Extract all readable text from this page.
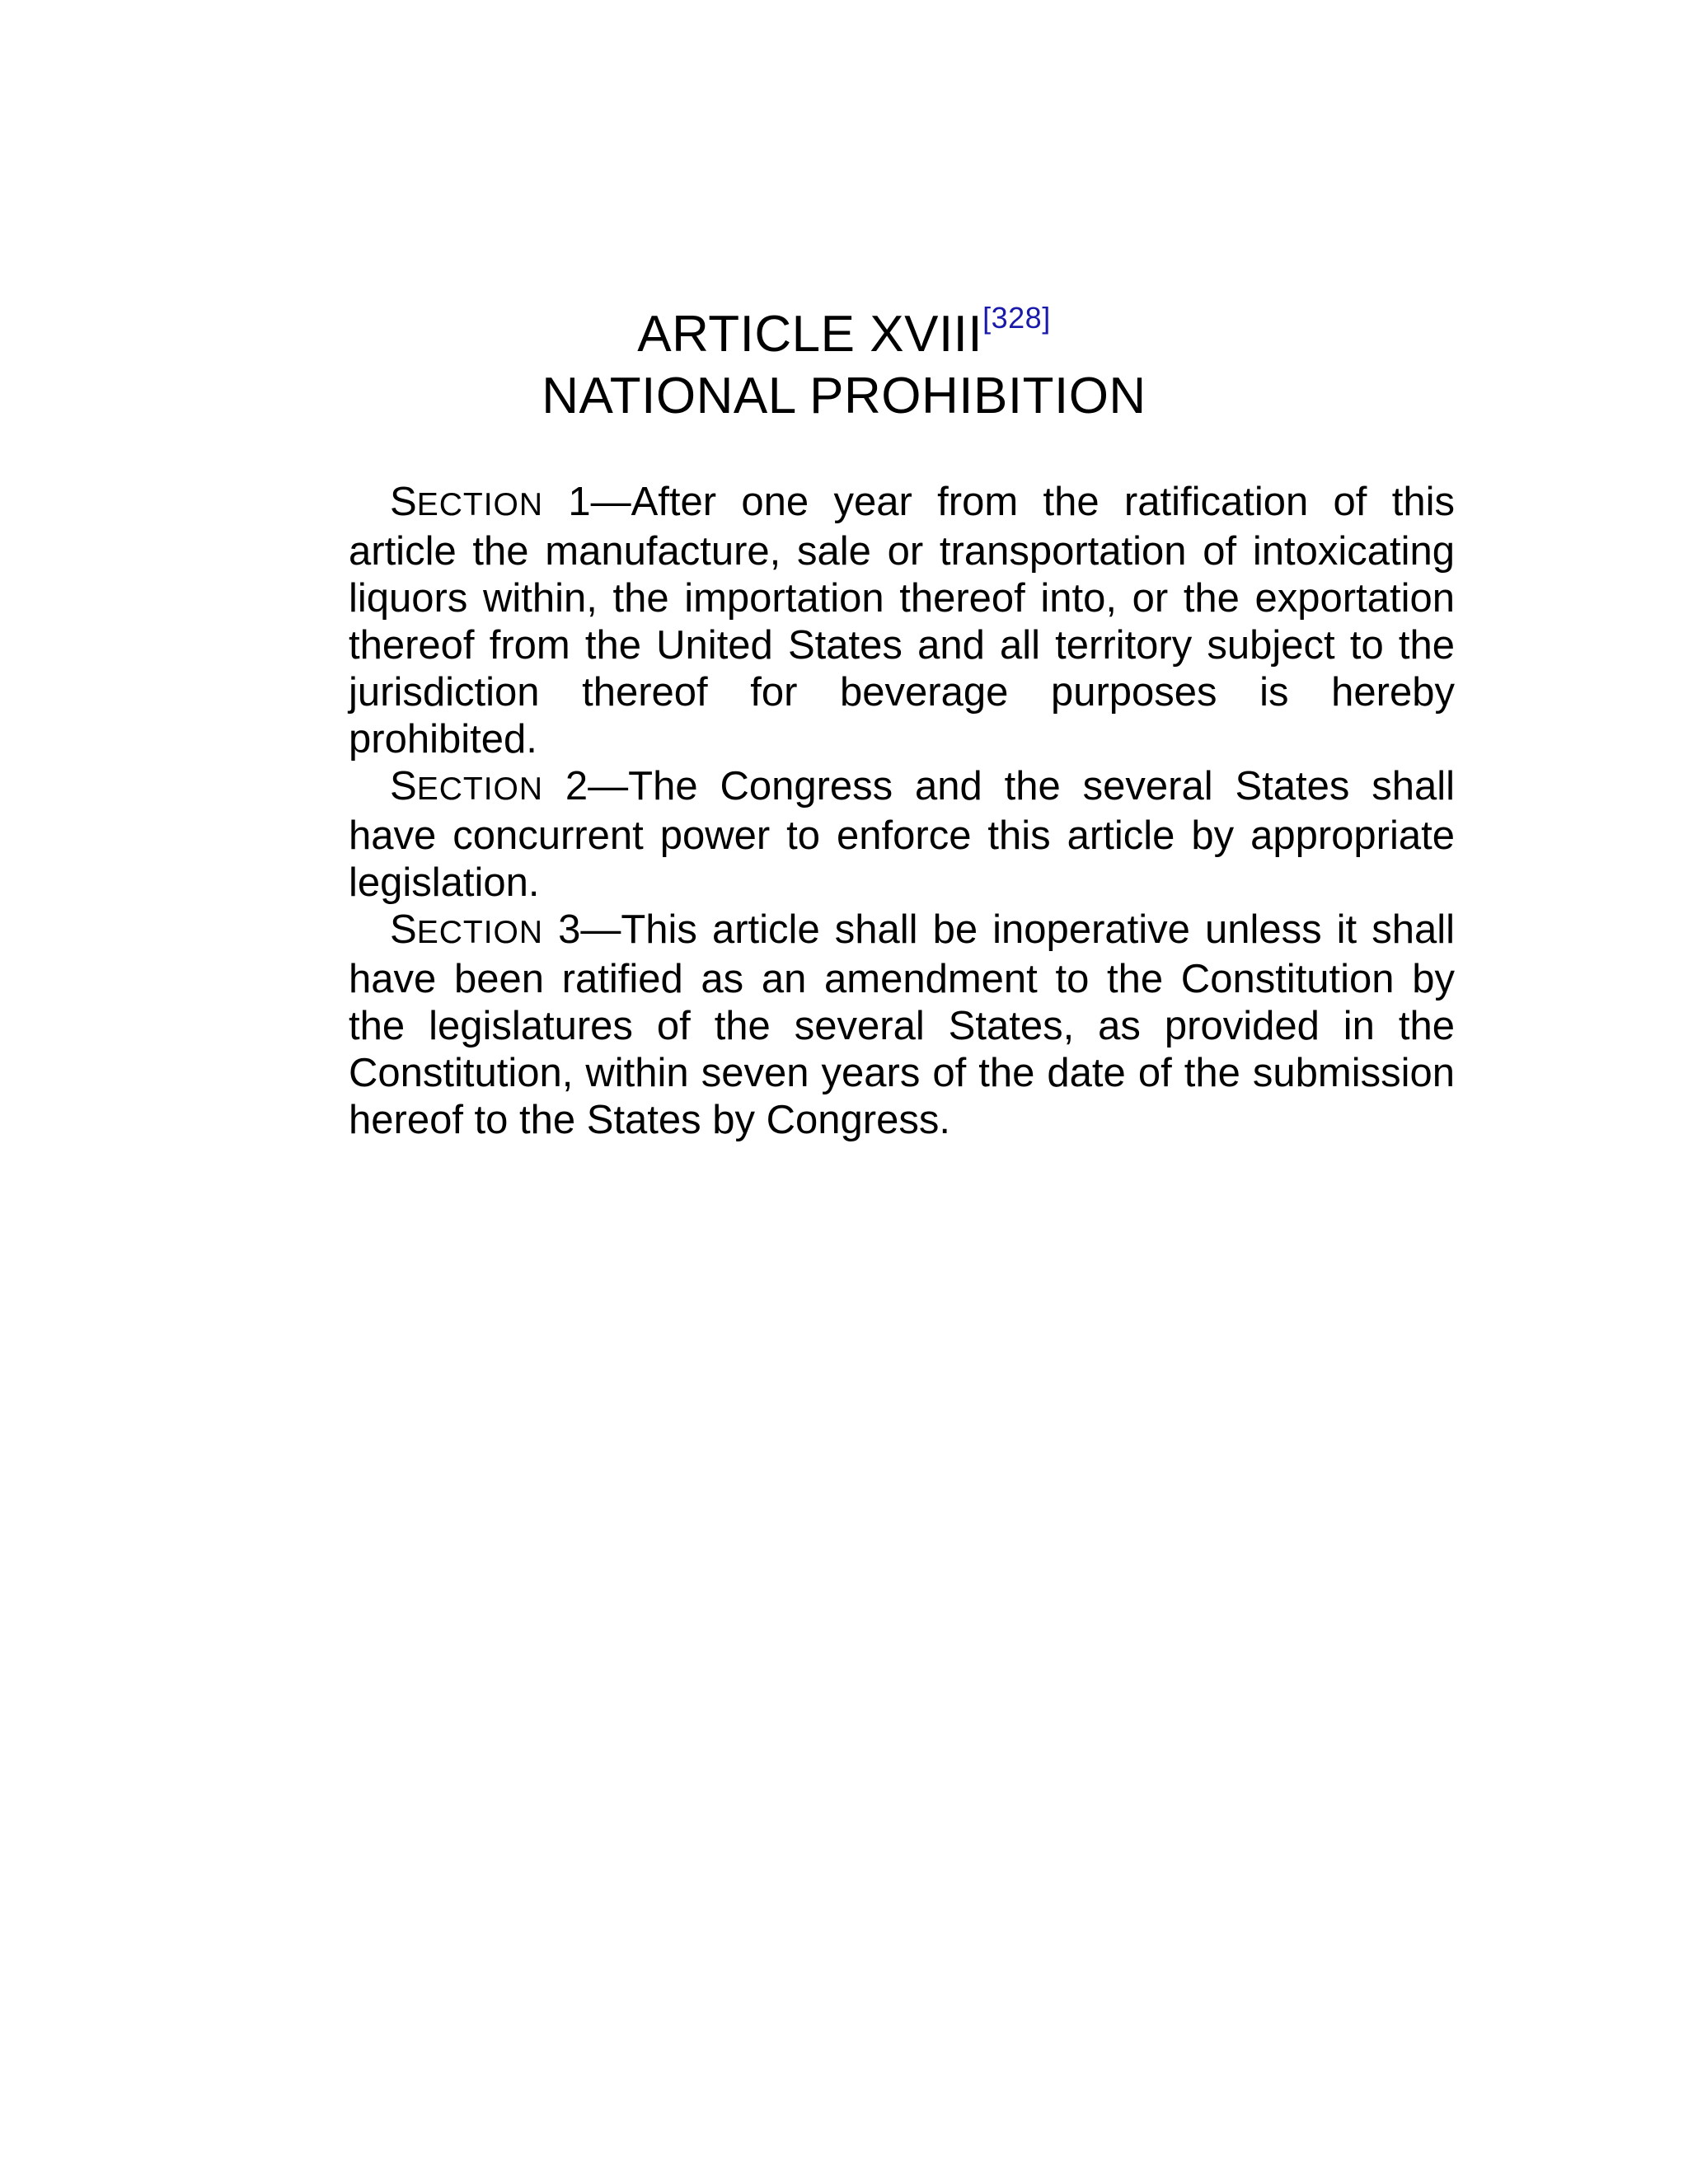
ARTICLE XVIII[328]
NATIONAL PROHIBITION

SECTION 1—After one year from the ratification of this article the manufacture, sale or transportation of intoxicating liquors within, the importation thereof into, or the exportation thereof from the United States and all territory subject to the jurisdiction thereof for beverage purposes is hereby prohibited.

SECTION 2—The Congress and the several States shall have concurrent power to enforce this article by appropriate legislation.

SECTION 3—This article shall be inoperative unless it shall have been ratified as an amendment to the Constitution by the legislatures of the several States, as provided in the Constitution, within seven years of the date of the submission hereof to the States by Congress.
